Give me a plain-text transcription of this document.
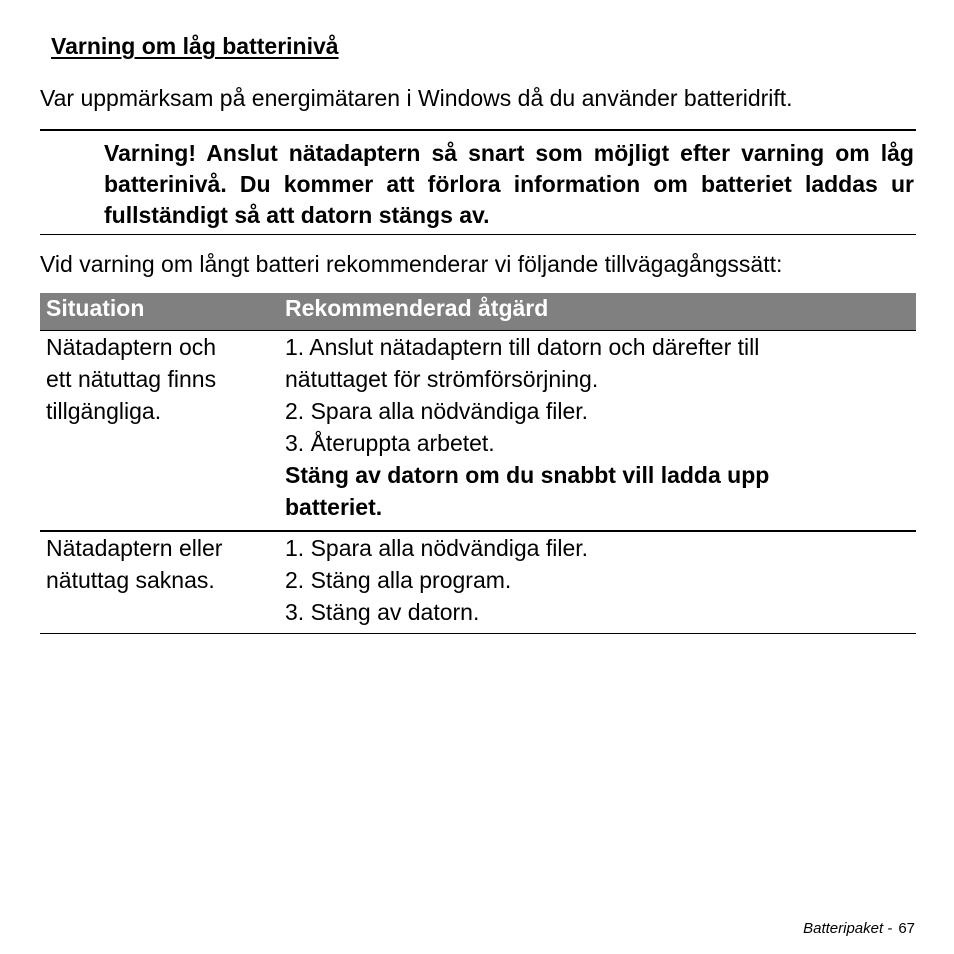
Varning om låg batterinivå
Var uppmärksam på energimätaren i Windows då du använder batteridrift.
Varning! Anslut nätadaptern så snart som möjligt efter varning om låg batterinivå. Du kommer att förlora information om batteriet laddas ur fullständigt så att datorn stängs av.
Vid varning om långt batteri rekommenderar vi följande tillvägagångssätt:
Situation	Rekommenderad åtgärd
Nätadaptern och
ett nätuttag finns
tillgängliga.
1. Anslut nätadaptern till datorn och därefter till
nätuttaget för strömförsörjning.
2. Spara alla nödvändiga filer.
3. Återuppta arbetet.
Stäng av datorn om du snabbt vill ladda upp
batteriet.
Nätadaptern eller
nätuttag saknas.
1. Spara alla nödvändiga filer.
2. Stäng alla program.
3. Stäng av datorn.
Batteripaket - 67
